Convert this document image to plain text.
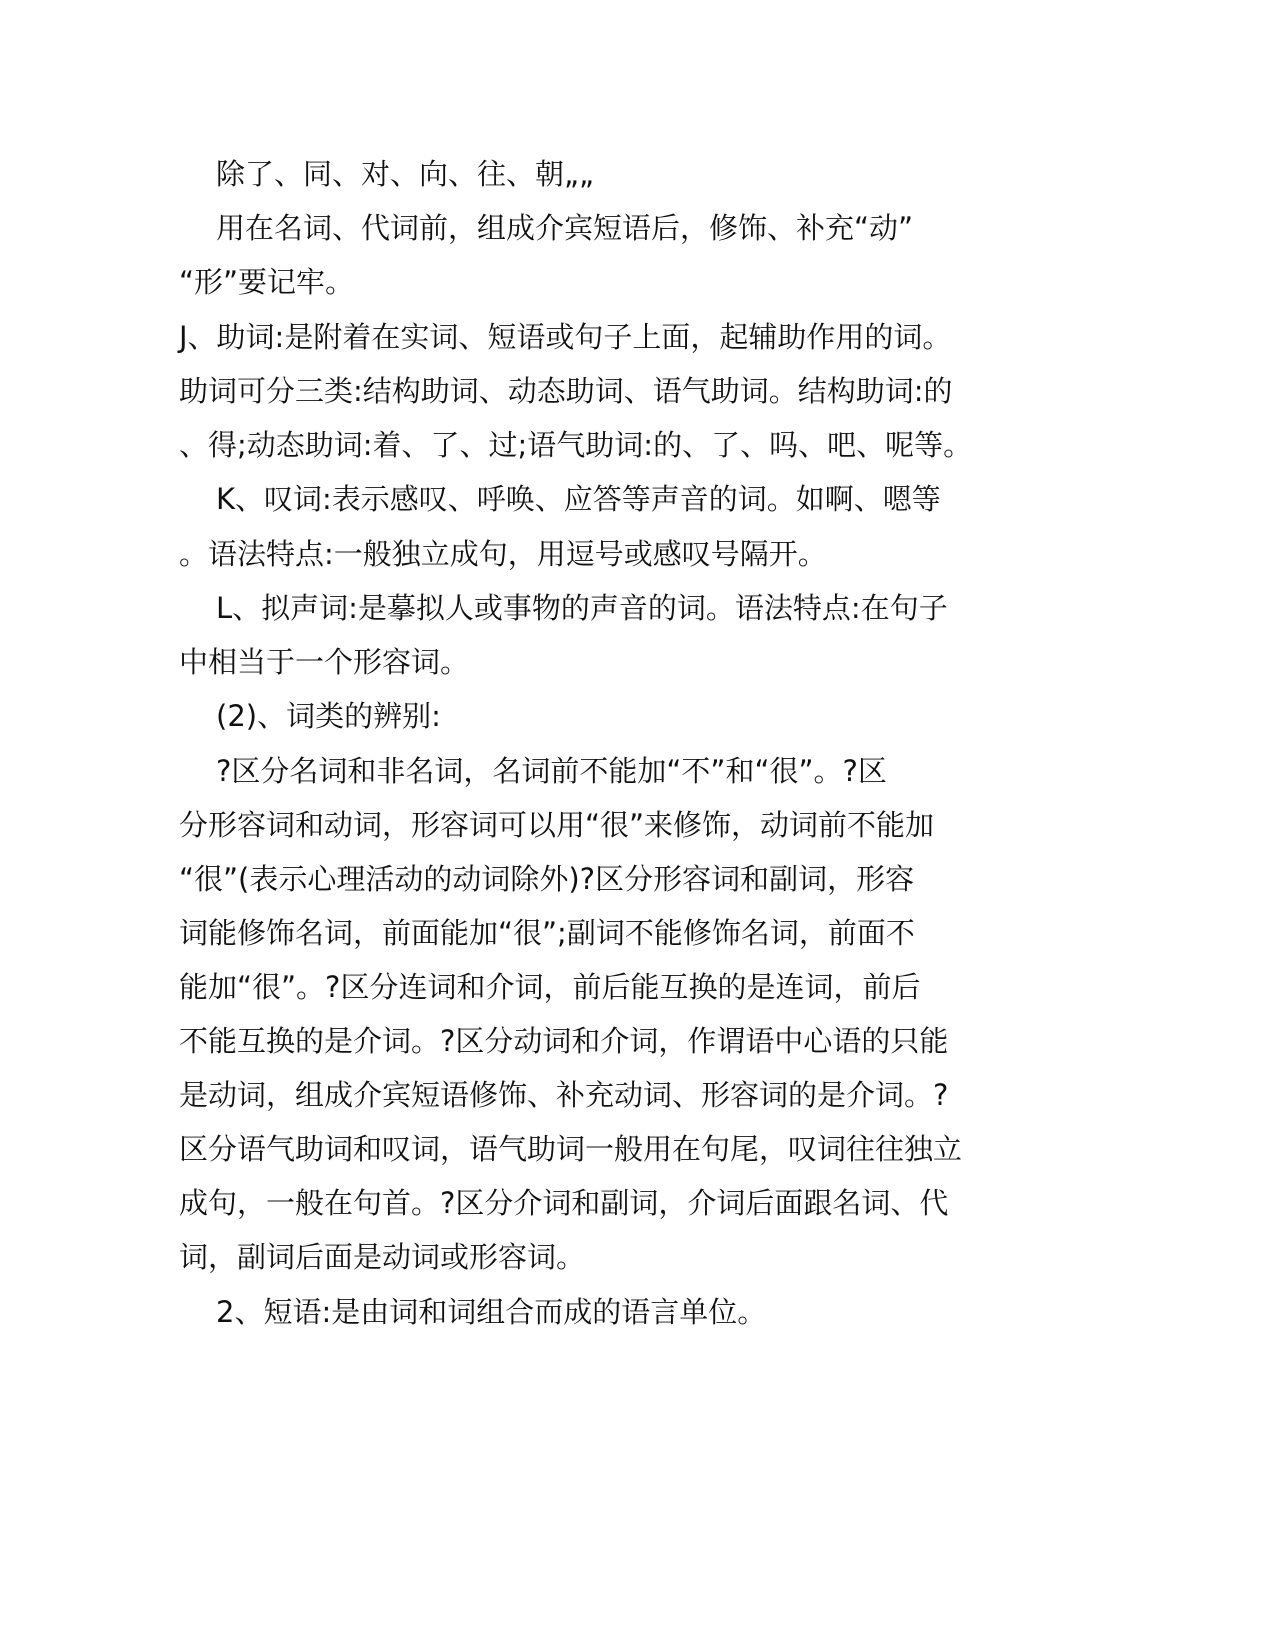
除了、同、对、向、往、朝„„

用在名词、代词前，组成介宾短语后，修饰、补充“动”

“形”要记牢。

J、助词:是附着在实词、短语或句子上面，起辅助作用的词。

助词可分三类:结构助词、动态助词、语气助词。结构助词:的

、得;动态助词:着、了、过;语气助词:的、了、吗、吧、呢等。

K、叹词:表示感叹、呼唤、应答等声音的词。如啊、嗯等

。语法特点:一般独立成句，用逗号或感叹号隔开。

L、拟声词:是摹拟人或事物的声音的词。语法特点:在句子

中相当于一个形容词。

(2)、词类的辨别:

?区分名词和非名词，名词前不能加“不”和“很”。?区

分形容词和动词，形容词可以用“很”来修饰，动词前不能加

“很”(表示心理活动的动词除外)?区分形容词和副词，形容

词能修饰名词，前面能加“很”;副词不能修饰名词，前面不

能加“很”。?区分连词和介词，前后能互换的是连词，前后

不能互换的是介词。?区分动词和介词，作谓语中心语的只能

是动词，组成介宾短语修饰、补充动词、形容词的是介词。?

区分语气助词和叹词，语气助词一般用在句尾，叹词往往独立

成句，一般在句首。?区分介词和副词，介词后面跟名词、代

词，副词后面是动词或形容词。

2、短语:是由词和词组合而成的语言单位。
